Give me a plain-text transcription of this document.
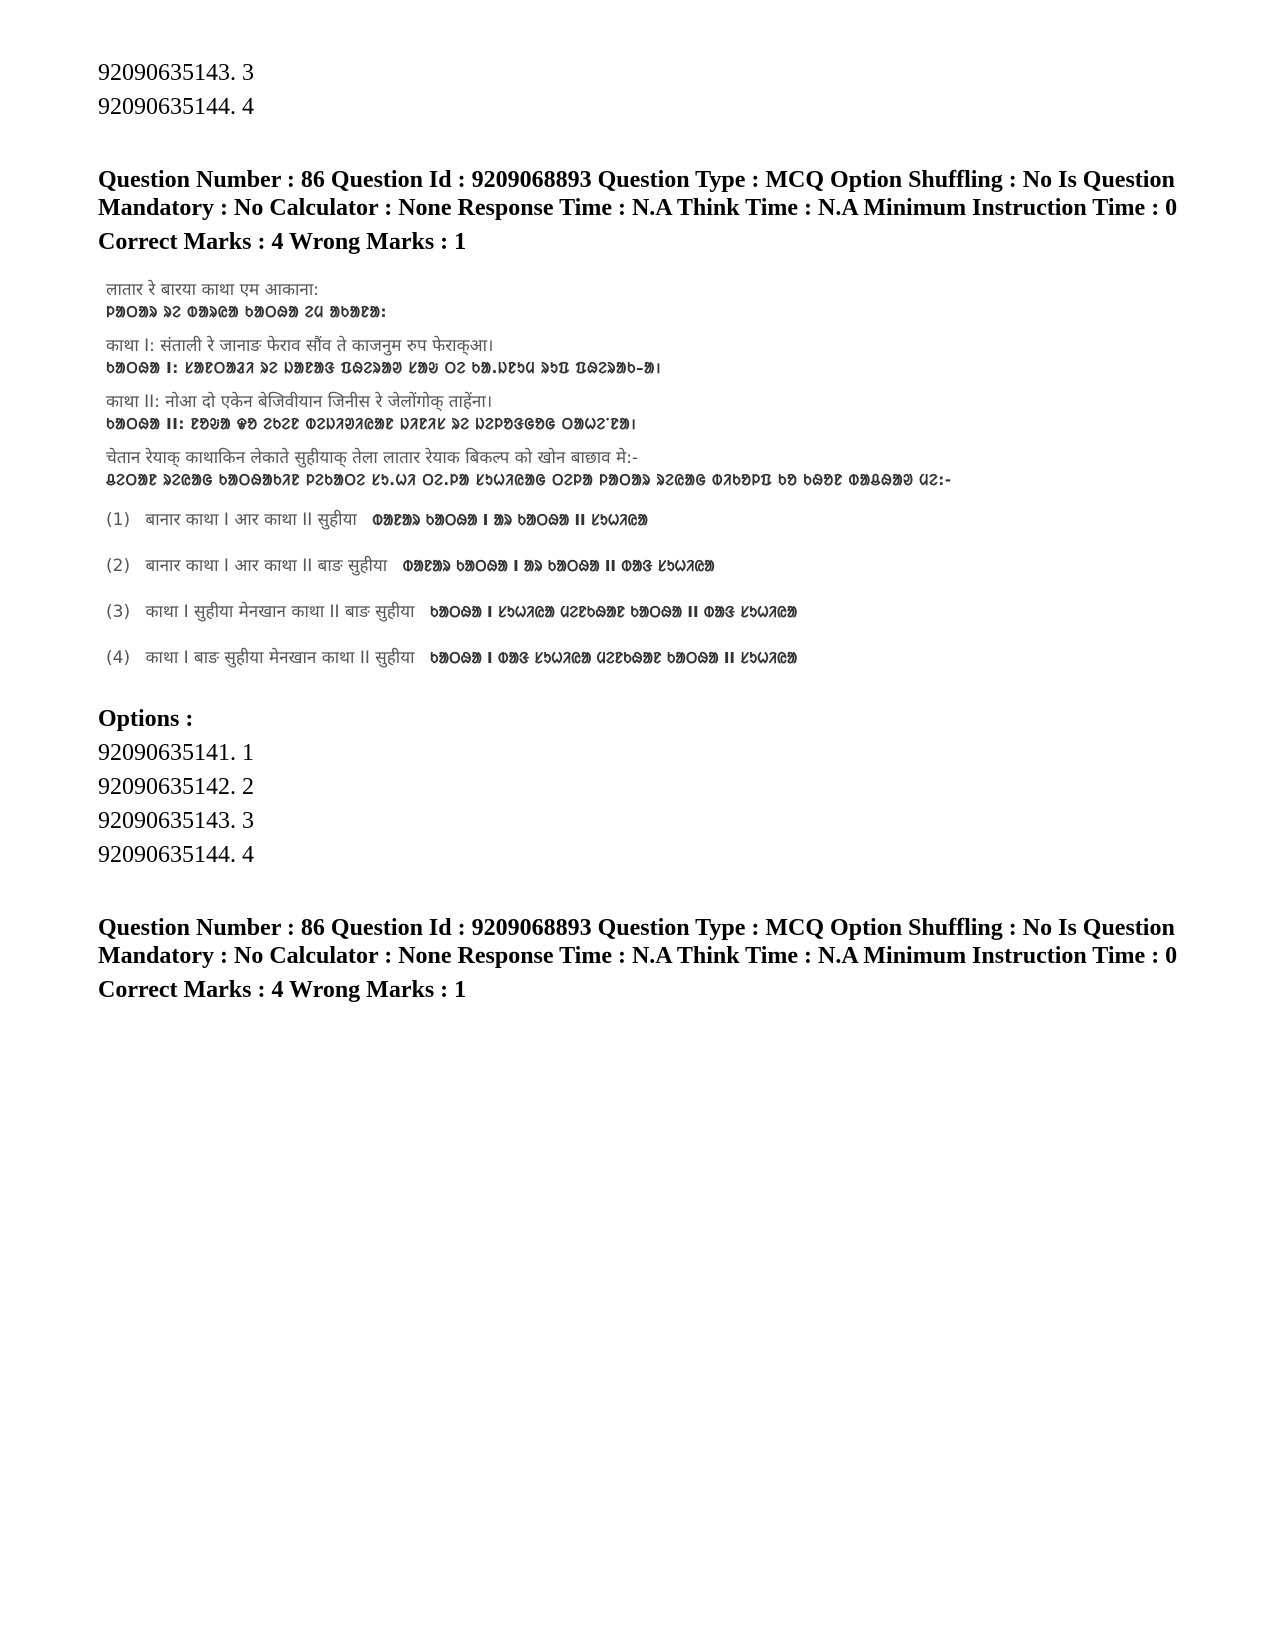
92090635143. 3
92090635144. 4
Question Number : 86 Question Id : 9209068893 Question Type : MCQ Option Shuffling : No Is Question Mandatory : No Calculator : None Response Time : N.A Think Time : N.A Minimum Instruction Time : 0
Correct Marks : 4 Wrong Marks : 1
लातार रे बारया काथा एम आकाना:
ᱞᱟᱛᱟᱨ ᱨᱮ ᱵᱟᱨᱭᱟ ᱠᱟᱛᱷᱟ ᱮᱢ ᱟᱠᱟᱱᱟ:
काथा I: संताली रे जानाङ फेराव सौंव ते काजनुम रुप फेराक्आ।
ᱠᱟᱛᱷᱟ I: ᱥᱟᱱᱛᱟᱲᱤ ᱨᱮ ᱡᱟᱱᱟᱝ ᱯᱷᱮᱨᱟᱣ ᱥᱟᱶ ᱛᱮ ᱠᱟ.ᱡᱱᱩᱢ ᱨᱩᱯ ᱯᱷᱮᱨᱟᱠ–ᱟ।
काथा II: नोआ दो एकेन बेजिवीयान जिनीस रे जेलोंगोक् ताहेंना।
ᱠᱟᱛᱷᱟ II: ᱱᱚᱶᱟ ᱫᱚ ᱮᱠᱮᱱ ᱵᱮᱡᱤᱣᱤᱭᱟᱱ ᱡᱤᱱᱤᱥ ᱨᱮ ᱡᱮᱞᱚᱝᱜᱚᱜ ᱛᱟᱦᱮᱸᱱᱟ।
चेतान रेयाक् काथाकिन लेकाते सुहीयाक् तेला लातार रेयाक बिकल्प को खोन बाछाव मे:-
ᱪᱮᱛᱟᱱ ᱨᱮᱭᱟᱜ ᱠᱟᱛᱷᱟᱠᱤᱱ ᱞᱮᱠᱟᱛᱮ ᱥᱩ.ᱦᱤ ᱛᱮ.ᱞᱟ ᱥᱩᱦᱤᱭᱟᱜ ᱛᱮᱞᱟ ᱞᱟᱛᱟᱨ ᱨᱮᱭᱟᱜ ᱵᱤᱠᱚᱞᱯ ᱠᱚ ᱠᱷᱚᱱ ᱵᱟᱪᱷᱟᱣ ᱢᱮ:-
(1) बानार काथा I आर काथा II सुहीया ᱵᱟᱱᱟᱨ ᱠᱟᱛᱷᱟ I ᱟᱨ ᱠᱟᱛᱷᱟ II ᱥᱩᱦᱤᱭᱟ
(2) बानार काथा I आर काथा II बाङ सुहीया ᱵᱟᱱᱟᱨ ᱠᱟᱛᱷᱟ I ᱟᱨ ᱠᱟᱛᱷᱟ II ᱵᱟᱝ ᱥᱩᱦᱤᱭᱟ
(3) काथा I सुहीया मेनखान काथा II बाङ सुहीया ᱠᱟᱛᱷᱟ I ᱥᱩᱦᱤᱭᱟ ᱢᱮᱱᱠᱷᱟᱱ ᱠᱟᱛᱷᱟ II ᱵᱟᱝ ᱥᱩᱦᱤᱭᱟ
(4) काथा I बाङ सुहीया मेनखान काथा II सुहीया ᱠᱟᱛᱷᱟ I ᱵᱟᱝ ᱥᱩᱦᱤᱭᱟ ᱢᱮᱱᱠᱷᱟᱱ ᱠᱟᱛᱷᱟ II ᱥᱩᱦᱤᱭᱟ
Options :
92090635141. 1
92090635142. 2
92090635143. 3
92090635144. 4
Question Number : 86 Question Id : 9209068893 Question Type : MCQ Option Shuffling : No Is Question Mandatory : No Calculator : None Response Time : N.A Think Time : N.A Minimum Instruction Time : 0
Correct Marks : 4 Wrong Marks : 1
